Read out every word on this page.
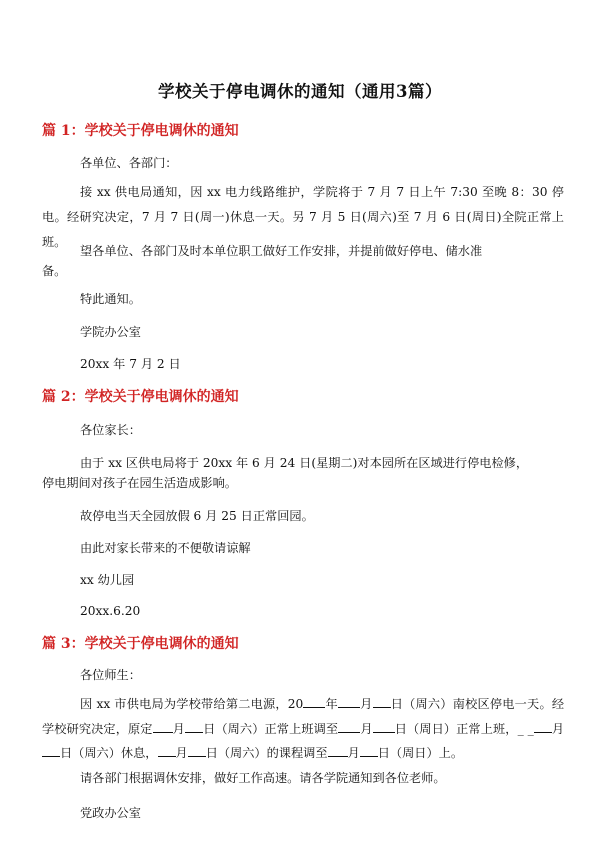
学校关于停电调休的通知（通用3篇）
篇 1：学校关于停电调休的通知
各单位、各部门：
接 xx 供电局通知，因 xx 电力线路维护，学院将于 7 月 7 日上午 7:30 至晚 8：30 停 电。经研究决定，7 月 7 日(周一)休息一天。另 7 月 5 日(周六)至 7 月 6 日(周日)全院正常上班。
望各单位、各部门及时本单位职工做好工作安排，并提前做好停电、储水准
备。
特此通知。
学院办公室
20xx 年 7 月 2 日
篇 2：学校关于停电调休的通知
各位家长：
由于 xx 区供电局将于 20xx 年 6 月 24 日(星期二)对本园所在区域进行停电检修，
停电期间对孩子在园生活造成影响。
故停电当天全园放假 6 月 25 日正常回园。
由此对家长带来的不便敬请谅解
xx 幼儿园
20xx.6.20
篇 3：学校关于停电调休的通知
各位师生：
因 xx 市供电局为学校带给第二电源，20 年 月 日（周六）南校区停电一天。经学校研究决定，原定 月 日（周六）正常上班调至 月 日（周日）正常上班，_ _ 月日（周六）休息， 月 日（周六）的课程调至 月 日（周日）上。
请各部门根据调休安排，做好工作高速。请各学院通知到各位老师。
党政办公室
